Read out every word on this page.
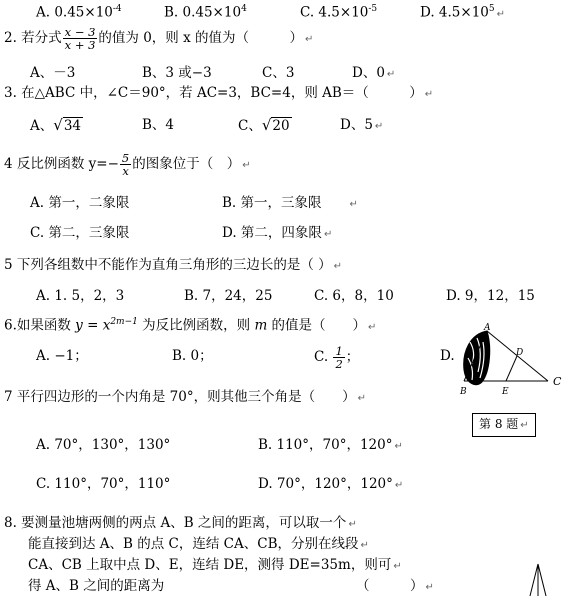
A. $0.45\times 10^{-4}$	B. $0.45\times 10^4$	C. $4.5\times 10^{-5}$	D. $4.5\times 10^5$ ↵
2. 若分式 $\frac{x - 3}{x + 3}$ 的值为 0，则 x 的值为（　　　） ↵
A、－3	B、3 或−3	C、3	D、0 ↵
3. 在△ABC 中，∠C＝90°，若 AC=3，BC=4，则 AB＝（　　　） ↵
A、√34	B、4	C、√20	D、5 ↵
4 反比例函数 $y=- \frac{5}{x}$ 的图象位于（　） ↵
A. 第一，二象限	B. 第一，三象限	↵
C. 第二，三象限	D. 第二，四象限 ↵
5 下列各组数中不能作为直角三角形的三边长的是（ ） ↵
A. 1. 5，2，3	B. 7，24，25	C. 6，8，10	D. 9，12，15
6.如果函数 $y = x^{2m-1}$ 为反比例函数，则 m 的值是（　　） ↵
A. −1；	B. 0；	C. $\frac{1}{2}$ ；	D.
A
B
C
D
E
第 8 题 ↵
7 平行四边形的一个内角是 70°，则其他三个角是（　　） ↵
A. 70°，130°，130°	B. 110°，70°，120° ↵
C. 110°，70°，110°	D. 70°，120°，120° ↵
8. 要测量池塘两侧的两点 A、B 之间的距离，可以取一个 ↵
能直接到达 A、B 的点 C，连结 CA、CB，分别在线段 ↵
CA、CB 上取中点 D、E，连结 DE，测得 DE=35m，则可 ↵
得 A、B 之间的距离为	（　　　） ↵
